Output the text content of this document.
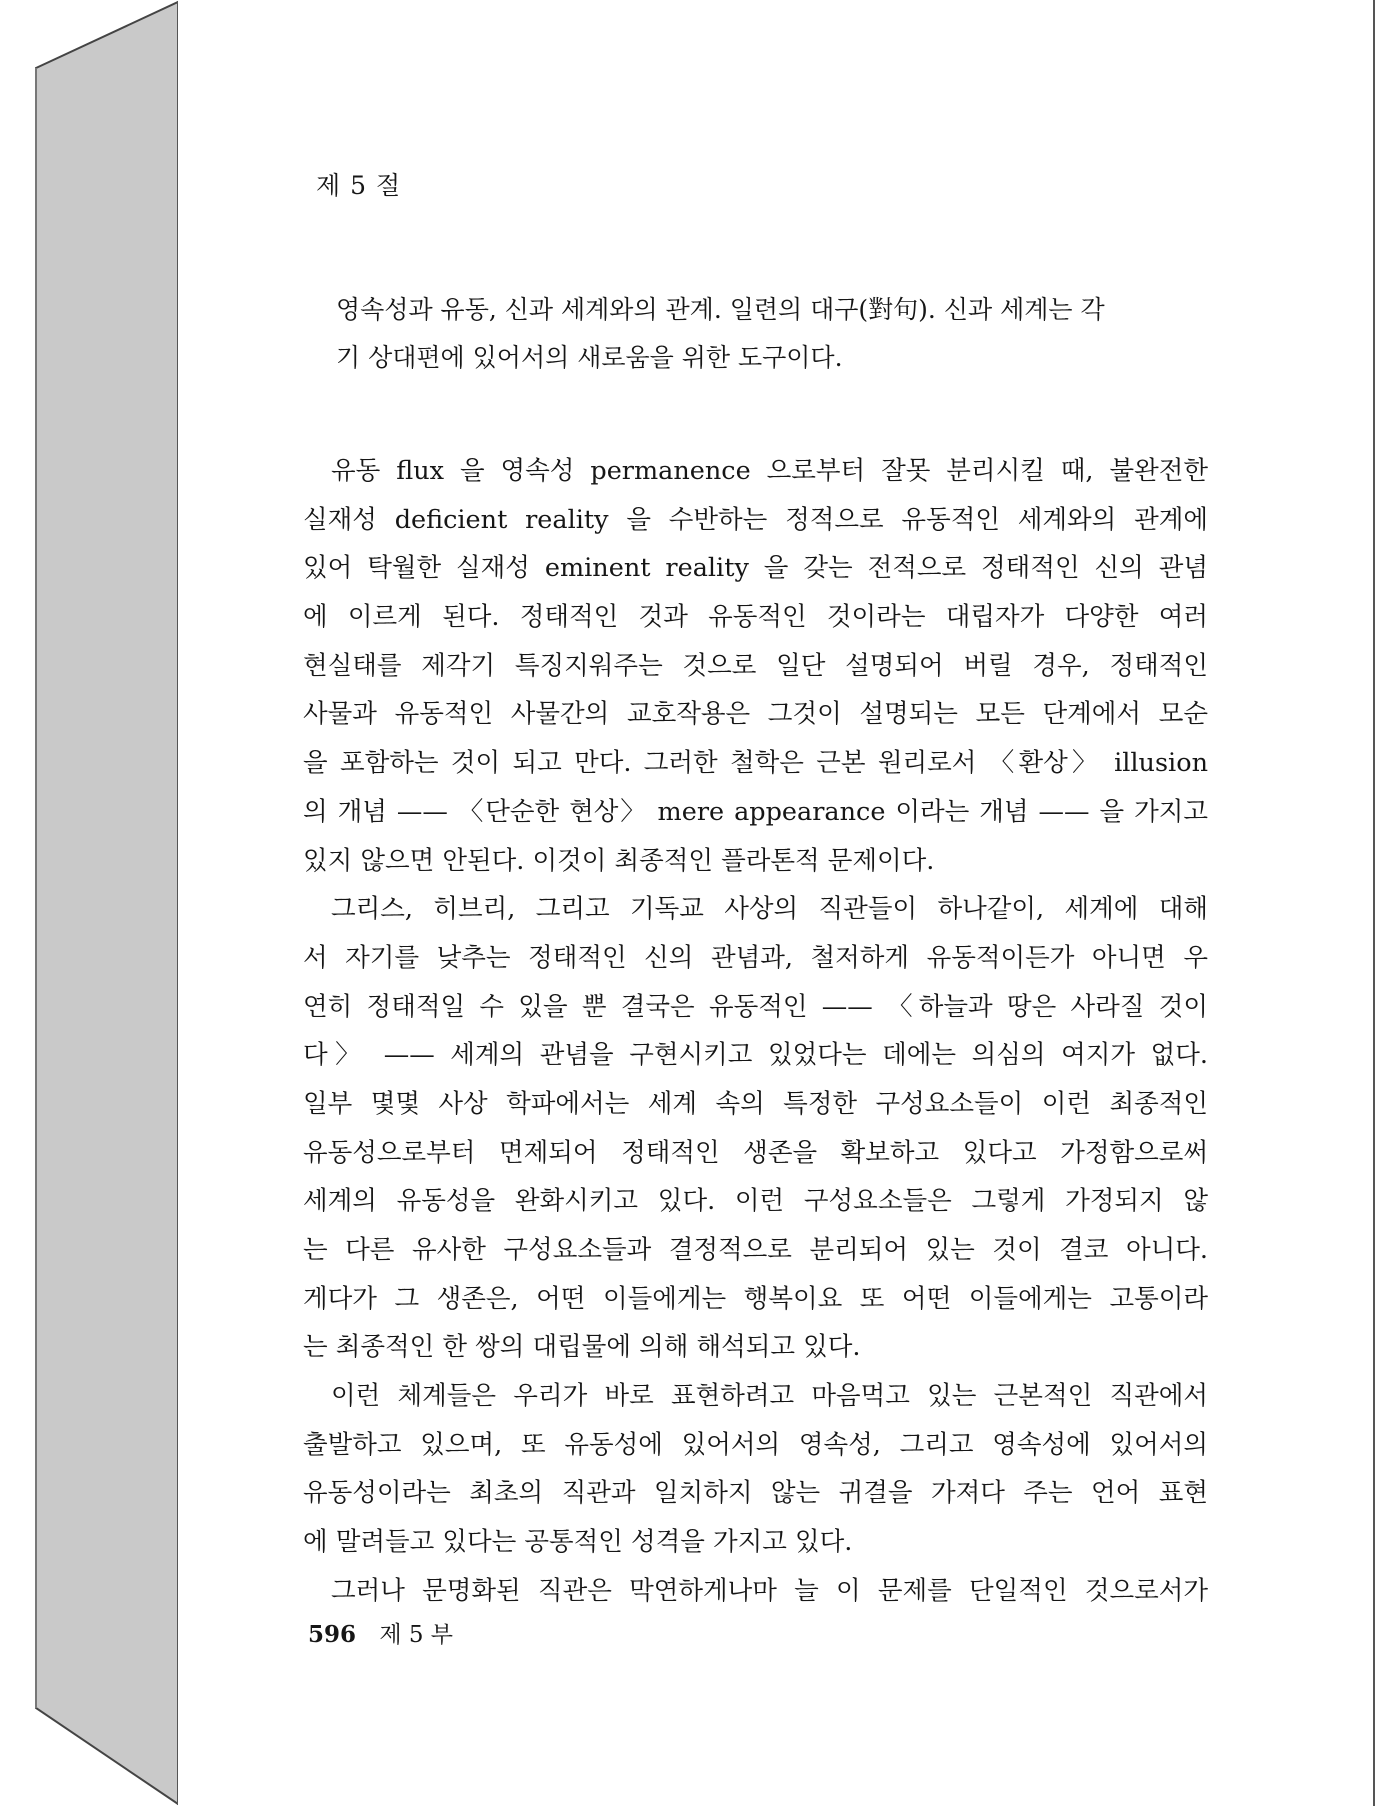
제 5 절
영속성과 유동, 신과 세계와의 관계. 일련의 대구(對句). 신과 세계는 각
기 상대편에 있어서의 새로움을 위한 도구이다.
유동 flux 을 영속성 permanence 으로부터 잘못 분리시킬 때, 불완전한
실재성 deficient reality 을 수반하는 정적으로 유동적인 세계와의 관계에
있어 탁월한 실재성 eminent reality 을 갖는 전적으로 정태적인 신의 관념
에 이르게 된다. 정태적인 것과 유동적인 것이라는 대립자가 다양한 여러
현실태를 제각기 특징지워주는 것으로 일단 설명되어 버릴 경우, 정태적인
사물과 유동적인 사물간의 교호작용은 그것이 설명되는 모든 단계에서 모순
을 포함하는 것이 되고 만다. 그러한 철학은 근본 원리로서 〈환상〉 illusion
의 개념 —— 〈단순한 현상〉 mere appearance 이라는 개념 —— 을 가지고
있지 않으면 안된다. 이것이 최종적인 플라톤적 문제이다.
그리스, 히브리, 그리고 기독교 사상의 직관들이 하나같이, 세계에 대해
서 자기를 낮추는 정태적인 신의 관념과, 철저하게 유동적이든가 아니면 우
연히 정태적일 수 있을 뿐 결국은 유동적인 —— 〈하늘과 땅은 사라질 것이
다〉 —— 세계의 관념을 구현시키고 있었다는 데에는 의심의 여지가 없다.
일부 몇몇 사상 학파에서는 세계 속의 특정한 구성요소들이 이런 최종적인
유동성으로부터 면제되어 정태적인 생존을 확보하고 있다고 가정함으로써
세계의 유동성을 완화시키고 있다. 이런 구성요소들은 그렇게 가정되지 않
는 다른 유사한 구성요소들과 결정적으로 분리되어 있는 것이 결코 아니다.
게다가 그 생존은, 어떤 이들에게는 행복이요 또 어떤 이들에게는 고통이라
는 최종적인 한 쌍의 대립물에 의해 해석되고 있다.
이런 체계들은 우리가 바로 표현하려고 마음먹고 있는 근본적인 직관에서
출발하고 있으며, 또 유동성에 있어서의 영속성, 그리고 영속성에 있어서의
유동성이라는 최초의 직관과 일치하지 않는 귀결을 가져다 주는 언어 표현
에 말려들고 있다는 공통적인 성격을 가지고 있다.
그러나 문명화된 직관은 막연하게나마 늘 이 문제를 단일적인 것으로서가
596 제 5 부
